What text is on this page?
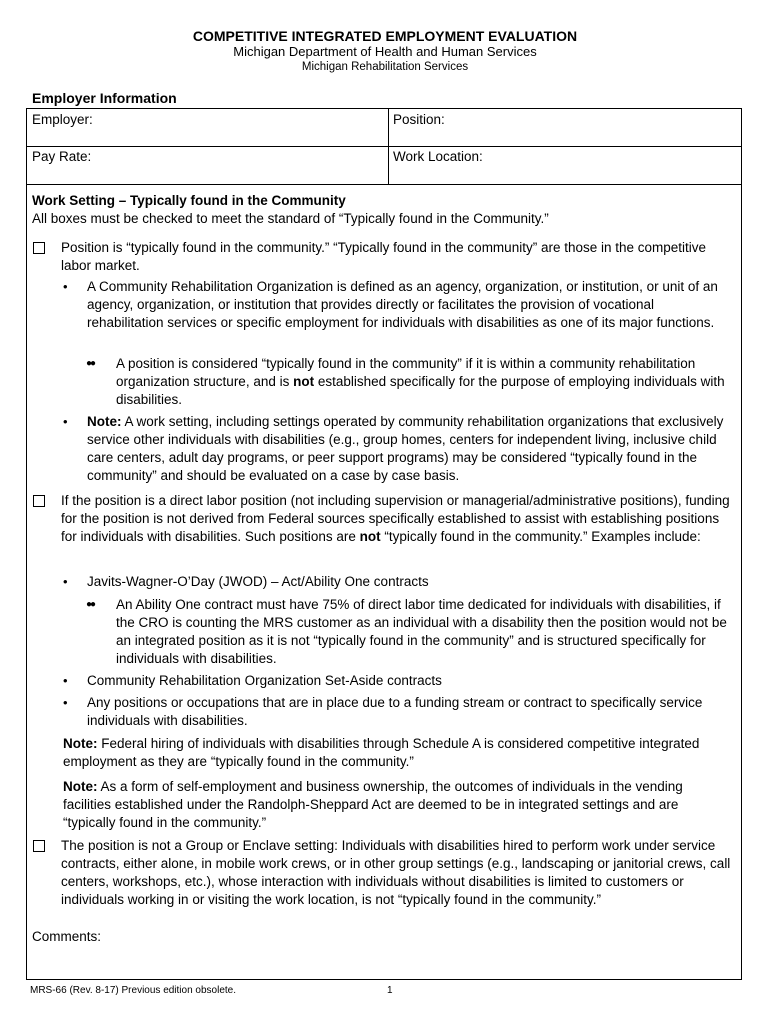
COMPETITIVE INTEGRATED EMPLOYMENT EVALUATION
Michigan Department of Health and Human Services
Michigan Rehabilitation Services
Employer Information
Employer:	Position:
Pay Rate:	Work Location:
Work Setting – Typically found in the Community
All boxes must be checked to meet the standard of “Typically found in the Community.”
Position is “typically found in the community.” “Typically found in the community” are those in the competitive labor market.
• A Community Rehabilitation Organization is defined as an agency, organization, or institution, or unit of an agency, organization, or institution that provides directly or facilitates the provision of vocational rehabilitation services or specific employment for individuals with disabilities as one of its major functions.
●● A position is considered “typically found in the community” if it is within a community rehabilitation organization structure, and is not established specifically for the purpose of employing individuals with disabilities.
• Note: A work setting, including settings operated by community rehabilitation organizations that exclusively service other individuals with disabilities (e.g., group homes, centers for independent living, inclusive child care centers, adult day programs, or peer support programs) may be considered “typically found in the community” and should be evaluated on a case by case basis.
If the position is a direct labor position (not including supervision or managerial/administrative positions), funding for the position is not derived from Federal sources specifically established to assist with establishing positions for individuals with disabilities. Such positions are not “typically found in the community.” Examples include:
• Javits-Wagner-O’Day (JWOD) – Act/Ability One contracts
●● An Ability One contract must have 75% of direct labor time dedicated for individuals with disabilities, if the CRO is counting the MRS customer as an individual with a disability then the position would not be an integrated position as it is not “typically found in the community” and is structured specifically for individuals with disabilities.
• Community Rehabilitation Organization Set-Aside contracts
• Any positions or occupations that are in place due to a funding stream or contract to specifically service individuals with disabilities.
Note: Federal hiring of individuals with disabilities through Schedule A is considered competitive integrated employment as they are “typically found in the community.”
Note: As a form of self-employment and business ownership, the outcomes of individuals in the vending facilities established under the Randolph-Sheppard Act are deemed to be in integrated settings and are “typically found in the community.”
The position is not a Group or Enclave setting: Individuals with disabilities hired to perform work under service contracts, either alone, in mobile work crews, or in other group settings (e.g., landscaping or janitorial crews, call centers, workshops, etc.), whose interaction with individuals without disabilities is limited to customers or individuals working in or visiting the work location, is not “typically found in the community.”
Comments:
MRS-66 (Rev. 8-17) Previous edition obsolete.	1
